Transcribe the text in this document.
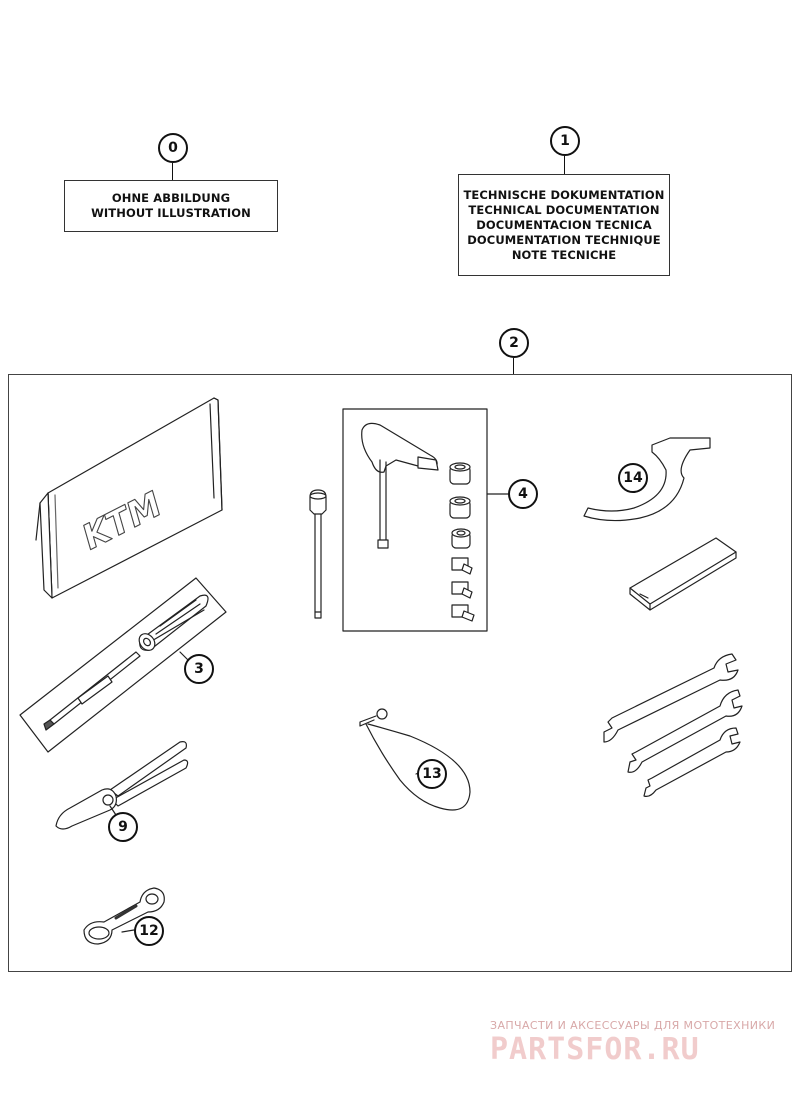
0
OHNE ABBILDUNG
WITHOUT ILLUSTRATION
1
TECHNISCHE DOKUMENTATION
TECHNICAL DOCUMENTATION
DOCUMENTACION TECNICA
DOCUMENTATION TECHNIQUE
NOTE TECNICHE
2
KTM
3
4
9
12
13
14
ЗАПЧАСТИ И АКСЕССУАРЫ ДЛЯ МОТОТЕХНИКИ
PARTSFOR.RU
